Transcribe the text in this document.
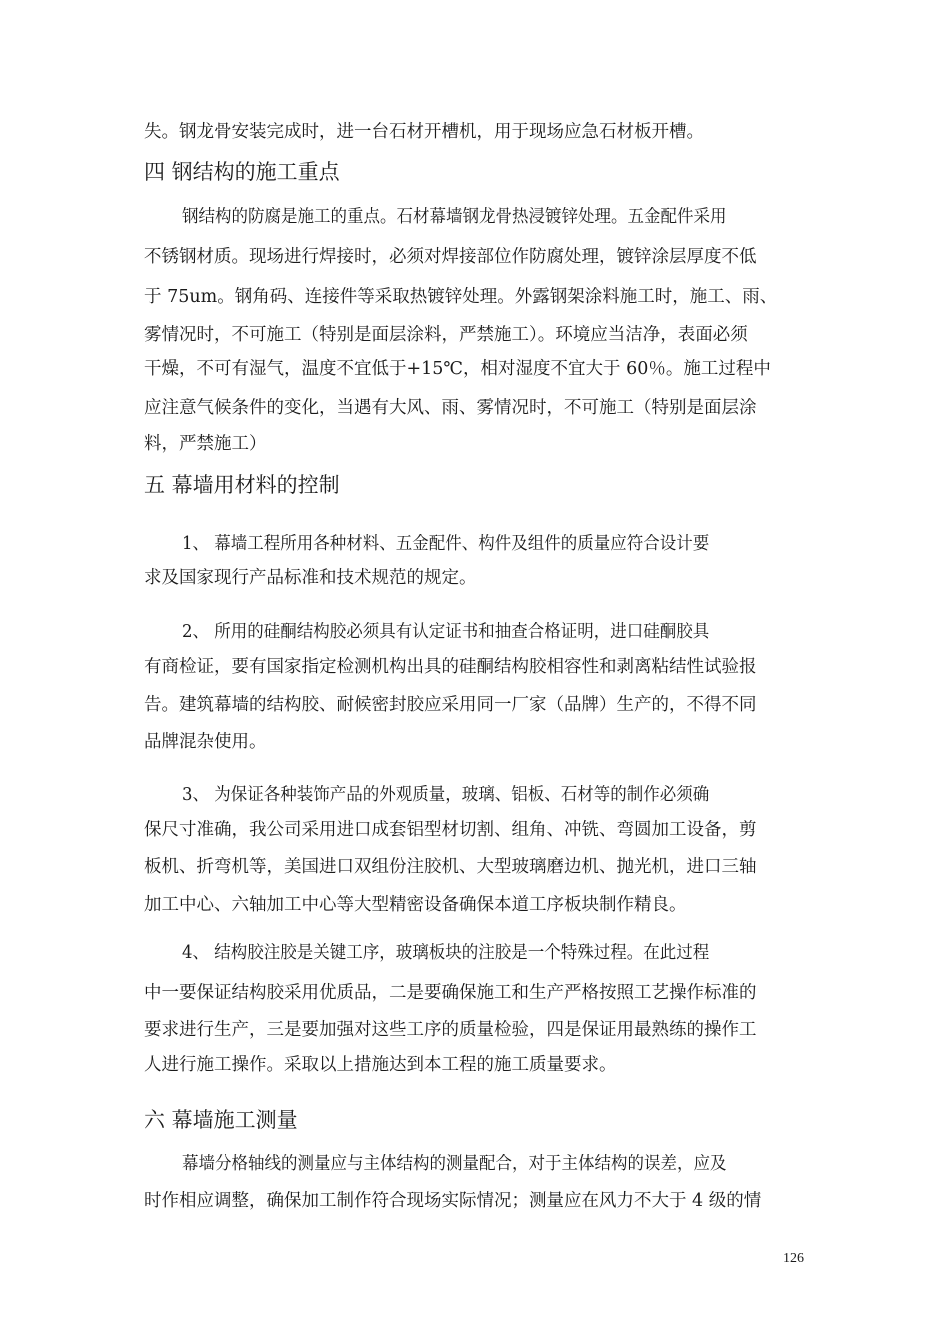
失。钢龙骨安装完成时，进一台石材开槽机，用于现场应急石材板开槽。
四 钢结构的施工重点
钢结构的防腐是施工的重点。石材幕墙钢龙骨热浸镀锌处理。五金配件采用
不锈钢材质。现场进行焊接时，必须对焊接部位作防腐处理，镀锌涂层厚度不低
于 75um。钢角码、连接件等采取热镀锌处理。外露钢架涂料施工时，施工、雨、
雾情况时，不可施工（特别是面层涂料，严禁施工）。环境应当洁净，表面必须
干燥，不可有湿气，温度不宜低于+15℃，相对湿度不宜大于 60％。施工过程中
应注意气候条件的变化，当遇有大风、雨、雾情况时，不可施工（特别是面层涂
料，严禁施工）
五 幕墙用材料的控制
1、 幕墙工程所用各种材料、五金配件、构件及组件的质量应符合设计要
求及国家现行产品标准和技术规范的规定。
2、 所用的硅酮结构胶必须具有认定证书和抽查合格证明，进口硅酮胶具
有商检证，要有国家指定检测机构出具的硅酮结构胶相容性和剥离粘结性试验报
告。建筑幕墙的结构胶、耐候密封胶应采用同一厂家（品牌）生产的，不得不同
品牌混杂使用。
3、 为保证各种装饰产品的外观质量，玻璃、铝板、石材等的制作必须确
保尺寸准确，我公司采用进口成套铝型材切割、组角、冲铣、弯圆加工设备，剪
板机、折弯机等，美国进口双组份注胶机、大型玻璃磨边机、抛光机，进口三轴
加工中心、六轴加工中心等大型精密设备确保本道工序板块制作精良。
4、 结构胶注胶是关键工序，玻璃板块的注胶是一个特殊过程。在此过程
中一要保证结构胶采用优质品，二是要确保施工和生产严格按照工艺操作标准的
要求进行生产，三是要加强对这些工序的质量检验，四是保证用最熟练的操作工
人进行施工操作。采取以上措施达到本工程的施工质量要求。
六 幕墙施工测量
幕墙分格轴线的测量应与主体结构的测量配合，对于主体结构的误差，应及
时作相应调整，确保加工制作符合现场实际情况；测量应在风力不大于 4 级的情
126
